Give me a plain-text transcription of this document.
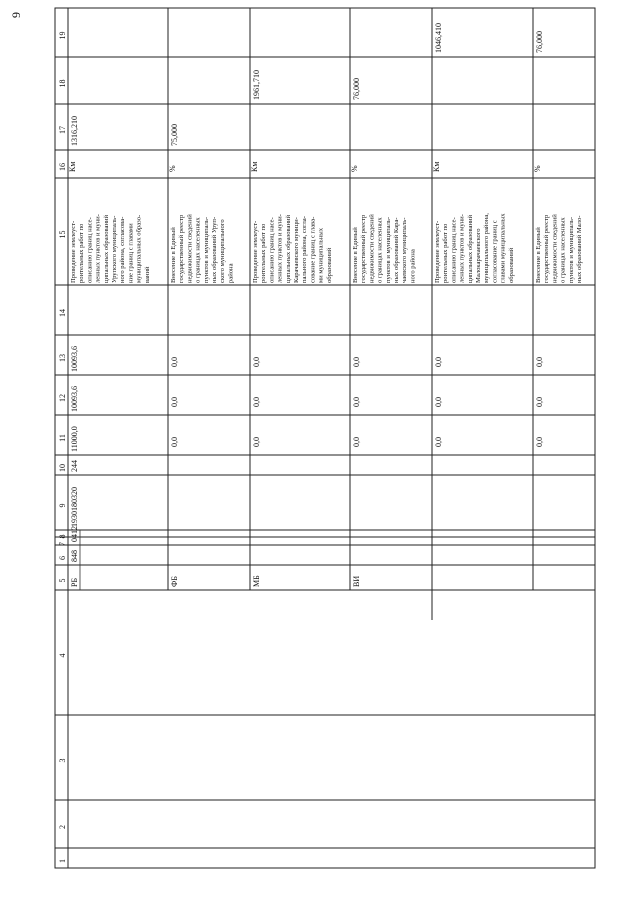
9
19
18
17
16
15
14
13
12
11
10
9
8
7
6
5
4
3
2
1
РБ
848
04
12
1930180320
244
11000,0
10093,6
10093,6
Проведение землеуст- роительных работ по описанию границ насе- ленных пунктов и муни- ципальных образований Урупского муниципаль- ного района, согласова- ние границ с главами муниципальных образо- ваний
Км
1316,210
ФБ
0,0
0,0
0,0
Внесение в Единый государственный реестр недвижимости сведений о границах населенных пунктов и муниципаль- ных образований Уруп- ского муниципального района
%
75,000
МБ
0,0
0,0
0,0
Проведение землеуст- роительных работ по описанию границ насе- ленных пунктов и муни- ципальных образований Карачаевского муници- пального района, согла- сование границ с глава- ми муниципальных образований
Км
1961,710
ВИ
0,0
0,0
0,0
Внесение в Единый государственный реестр недвижимости сведений о границах населенных пунктов и муниципаль- ных образований Кара- чаевского муниципаль- ного района
%
76,000
0,0
0,0
0,0
Проведение землеуст- роительных работ по описанию границ насе- ленных пунктов и муни- ципальных образований Малокарачаевского муниципального района, согласование границ с главами муниципальных образований
Км
1046,410
0,0
0,0
0,0
Внесение в Единый государственный реестр недвижимости сведений о границах населенных пунктов и муниципаль- ных образований Мало-
%
76,000
